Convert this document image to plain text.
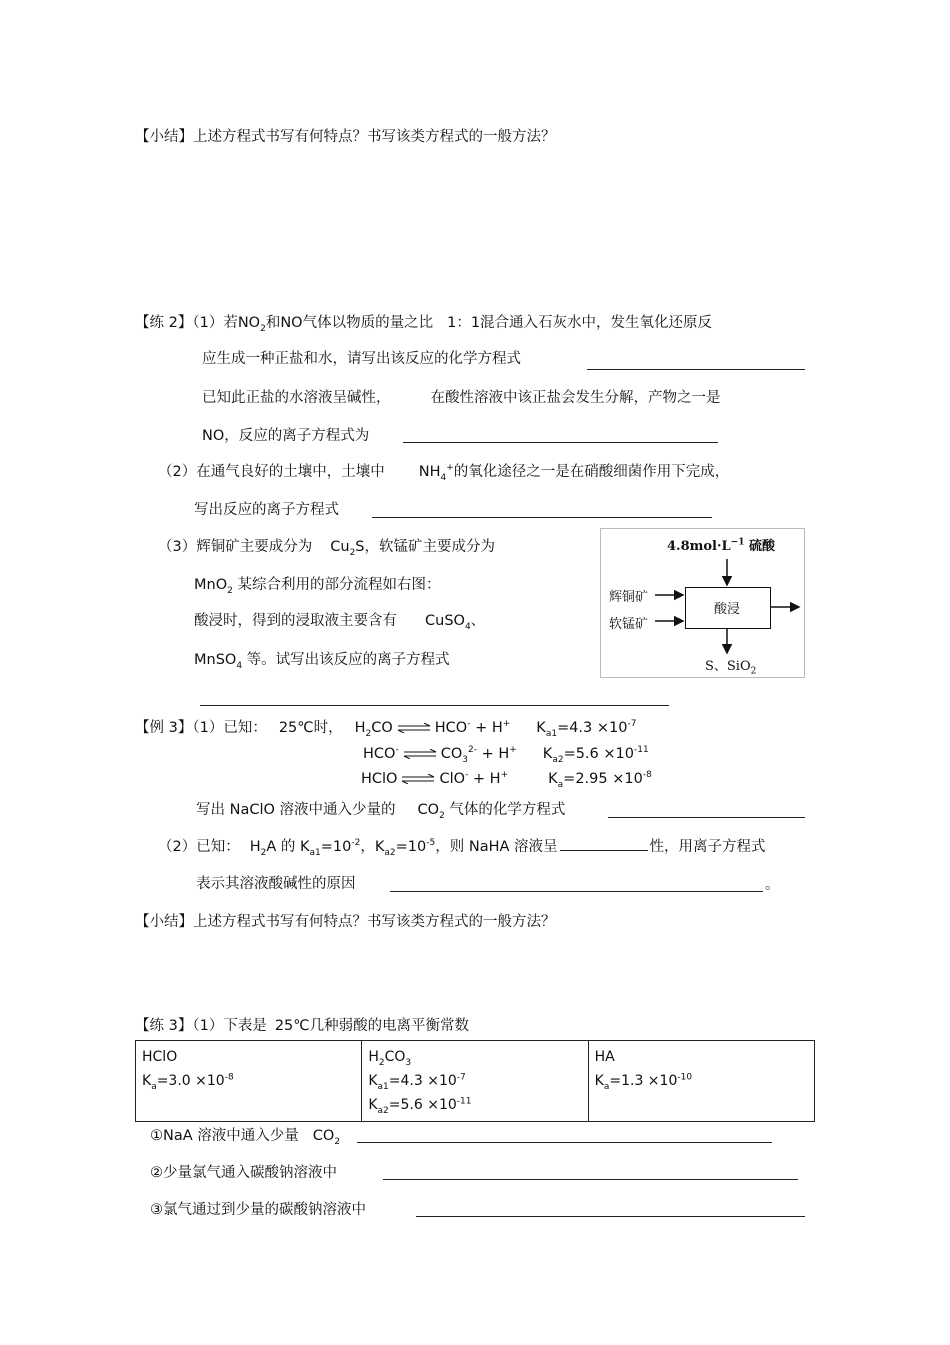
【小结】上述方程式书写有何特点？书写该类方程式的一般方法？
【练 2】（1）若$NO_2$和NO气体以物质的量之比 1：1混合通入石灰水中，发生氧化还原反
应生成一种正盐和水，请写出该反应的化学方程式
已知此正盐的水溶液呈碱性，	在酸性溶液中该正盐会发生分解，产物之一是
NO，反应的离子方程式为
（2）在通气良好的土壤中，土壤中 $NH_4^+$的氧化途径之一是在硝酸细菌作用下完成，
写出反应的离子方程式
（3）辉铜矿主要成分为 $Cu_2S$，软锰矿主要成分为
MnO$_2$ 某综合利用的部分流程如右图：
酸浸时，得到的浸取液主要含有 CuSO$_4$、
MnSO$_4$ 等。试写出该反应的离子方程式
$4.8mol\cdot L^{-1}$ 硫酸
辉铜矿
软锰矿
酸浸
S、SiO$_2$
【例 3】（1）已知： 25℃时， $H_2CO$ ⇌ HCO- + H+ $K_{a1}=4.3 \times 10^{-7}$
HCO- ⇌ $CO_3^{2-} + H^+$ $K_{a2}=5.6 \times 10^{-11}$
HClO ⇌ ClO- + H+	$K_a=2.95 \times 10^{-8}$
写出 NaClO 溶液中通入少量的 $CO_2$ 气体的化学方程式
（2）已知： $H_2A$ 的 $K_{a1}=10^{-2}$，$K_{a2}=10^{-5}$，则 NaHA 溶液呈	性，用离子方程式
表示其溶液酸碱性的原因	。
【小结】上述方程式书写有何特点？书写该类方程式的一般方法？
【练 3】（1）下表是 25℃几种弱酸的电离平衡常数
HClO
$K_a=3.0 \times 10^{-8}$

$H_2CO_3$
$K_{a1}=4.3 \times 10^{-7}$
$K_{a2}=5.6 \times 10^{-11}$

HA
$K_a=1.3 \times 10^{-10}$
①NaA 溶液中通入少量 $CO_2$
②少量氯气通入碳酸钠溶液中
③氯气通过到少量的碳酸钠溶液中
